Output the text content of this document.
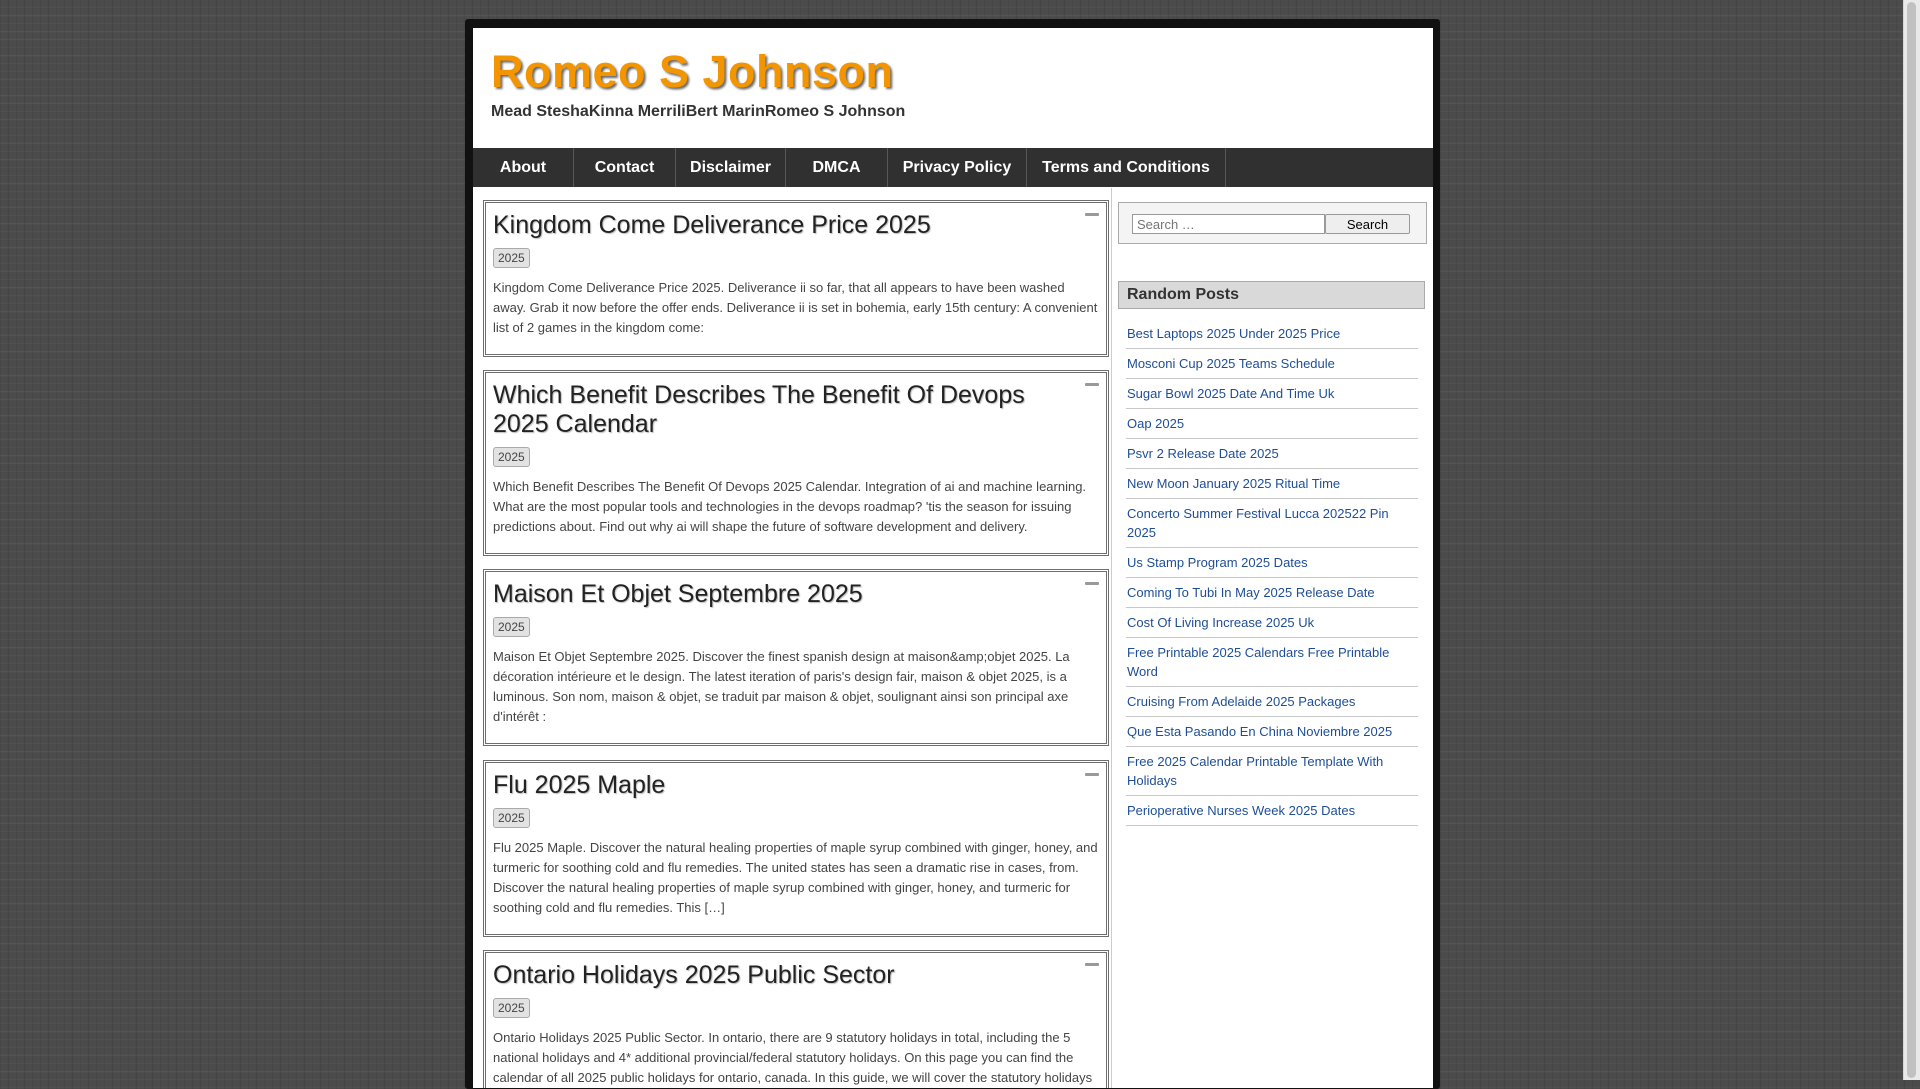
Romeo S Johnson

Mead SteshaKinna MerriliBert MarinRomeo S Johnson

About	Contact	Disclaimer	DMCA	Privacy Policy	Terms and Conditions
Kingdom Come Deliverance Price 2025
2025

Kingdom Come Deliverance Price 2025. Deliverance ii so far, that all appears to have been washed away. Grab it now before the offer ends. Deliverance ii is set in bohemia, early 15th century: A convenient list of 2 games in the kingdom come:

Which Benefit Describes The Benefit Of Devops 2025 Calendar
2025

Which Benefit Describes The Benefit Of Devops 2025 Calendar. Integration of ai and machine learning. What are the most popular tools and technologies in the devops roadmap? 'tis the season for issuing predictions about. Find out why ai will shape the future of software development and delivery.

Maison Et Objet Septembre 2025
2025

Maison Et Objet Septembre 2025. Discover the finest spanish design at maison&amp;objet 2025. La décoration intérieure et le design. The latest iteration of paris's design fair, maison & objet 2025, is a luminous. Son nom, maison & objet, se traduit par maison & objet, soulignant ainsi son principal axe d'intérêt :

Flu 2025 Maple
2025

Flu 2025 Maple. Discover the natural healing properties of maple syrup combined with ginger, honey, and turmeric for soothing cold and flu remedies. The united states has seen a dramatic rise in cases, from. Discover the natural healing properties of maple syrup combined with ginger, honey, and turmeric for soothing cold and flu remedies. This […]

Ontario Holidays 2025 Public Sector
2025

Ontario Holidays 2025 Public Sector. In ontario, there are 9 statutory holidays in total, including the 5 national holidays and 4* additional provincial/federal statutory holidays. On this page you can find the calendar of all 2025 public holidays for ontario, canada. In this guide, we will cover the statutory holidays

Search …
Search
Random Posts
Best Laptops 2025 Under 2025 Price
Mosconi Cup 2025 Teams Schedule
Sugar Bowl 2025 Date And Time Uk
Oap 2025
Psvr 2 Release Date 2025
New Moon January 2025 Ritual Time
Concerto Summer Festival Lucca 202522 Pin 2025
Us Stamp Program 2025 Dates
Coming To Tubi In May 2025 Release Date
Cost Of Living Increase 2025 Uk
Free Printable 2025 Calendars Free Printable Word
Cruising From Adelaide 2025 Packages
Que Esta Pasando En China Noviembre 2025
Free 2025 Calendar Printable Template With Holidays
Perioperative Nurses Week 2025 Dates
